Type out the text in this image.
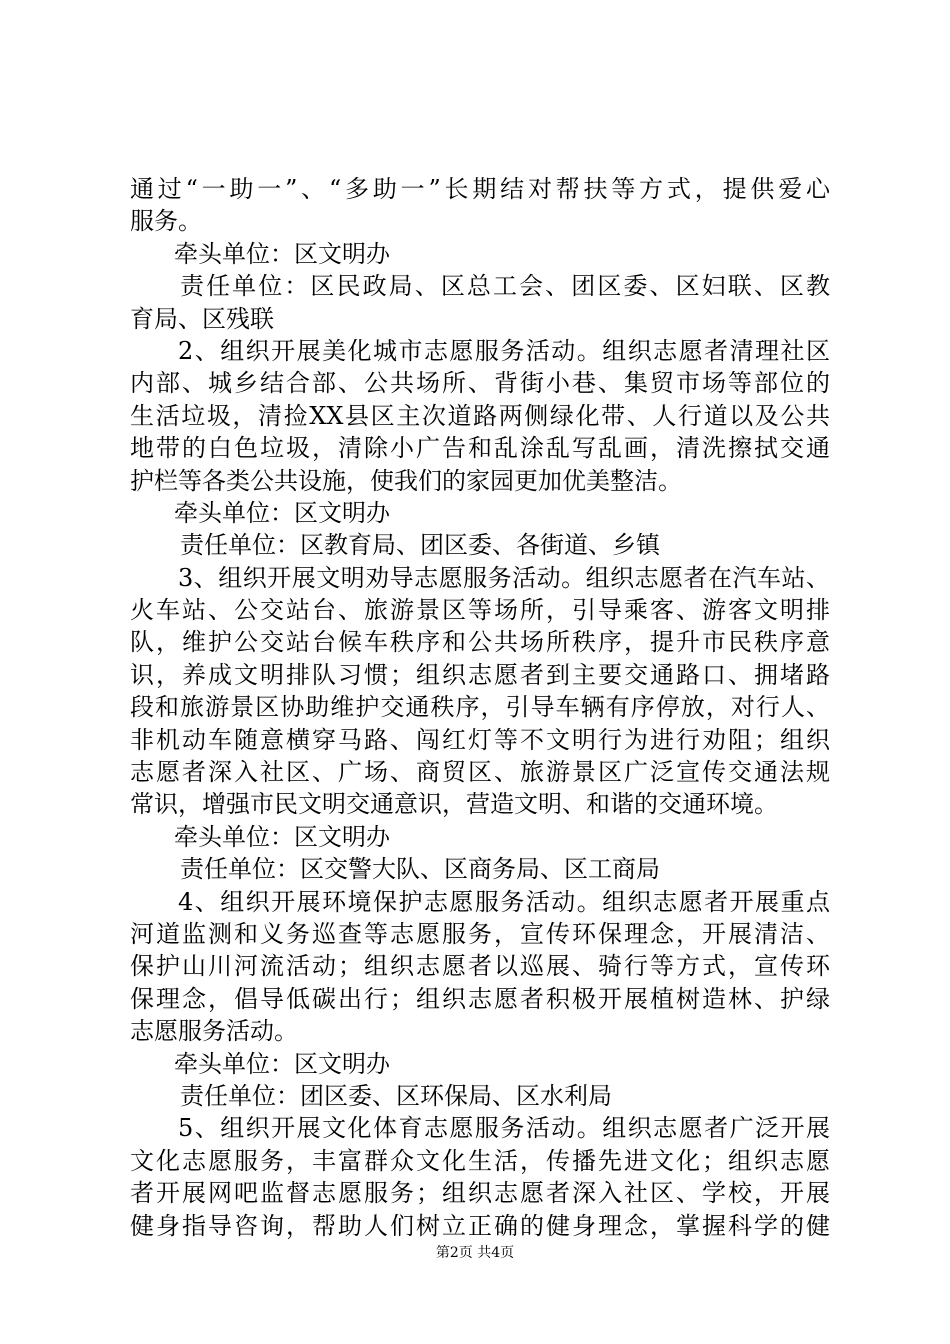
通过“一助一”、“多助一”长期结对帮扶等方式，提供爱心
服务。
牵头单位：区文明办
责任单位：区民政局、区总工会、团区委、区妇联、区教
育局、区残联
2、组织开展美化城市志愿服务活动。组织志愿者清理社区
内部、城乡结合部、公共场所、背街小巷、集贸市场等部位的
生活垃圾，清捡XX县区主次道路两侧绿化带、人行道以及公共
地带的白色垃圾，清除小广告和乱涂乱写乱画，清洗擦拭交通
护栏等各类公共设施，使我们的家园更加优美整洁。
牵头单位：区文明办
责任单位：区教育局、团区委、各街道、乡镇
3、组织开展文明劝导志愿服务活动。组织志愿者在汽车站、
火车站、公交站台、旅游景区等场所，引导乘客、游客文明排
队，维护公交站台候车秩序和公共场所秩序，提升市民秩序意
识，养成文明排队习惯；组织志愿者到主要交通路口、拥堵路
段和旅游景区协助维护交通秩序，引导车辆有序停放，对行人、
非机动车随意横穿马路、闯红灯等不文明行为进行劝阻；组织
志愿者深入社区、广场、商贸区、旅游景区广泛宣传交通法规
常识，增强市民文明交通意识，营造文明、和谐的交通环境。
牵头单位：区文明办
责任单位：区交警大队、区商务局、区工商局
4、组织开展环境保护志愿服务活动。组织志愿者开展重点
河道监测和义务巡查等志愿服务，宣传环保理念，开展清洁、
保护山川河流活动；组织志愿者以巡展、骑行等方式，宣传环
保理念，倡导低碳出行；组织志愿者积极开展植树造林、护绿
志愿服务活动。
牵头单位：区文明办
责任单位：团区委、区环保局、区水利局
5、组织开展文化体育志愿服务活动。组织志愿者广泛开展
文化志愿服务，丰富群众文化生活，传播先进文化；组织志愿
者开展网吧监督志愿服务；组织志愿者深入社区、学校，开展
健身指导咨询，帮助人们树立正确的健身理念，掌握科学的健
第2页 共4页
